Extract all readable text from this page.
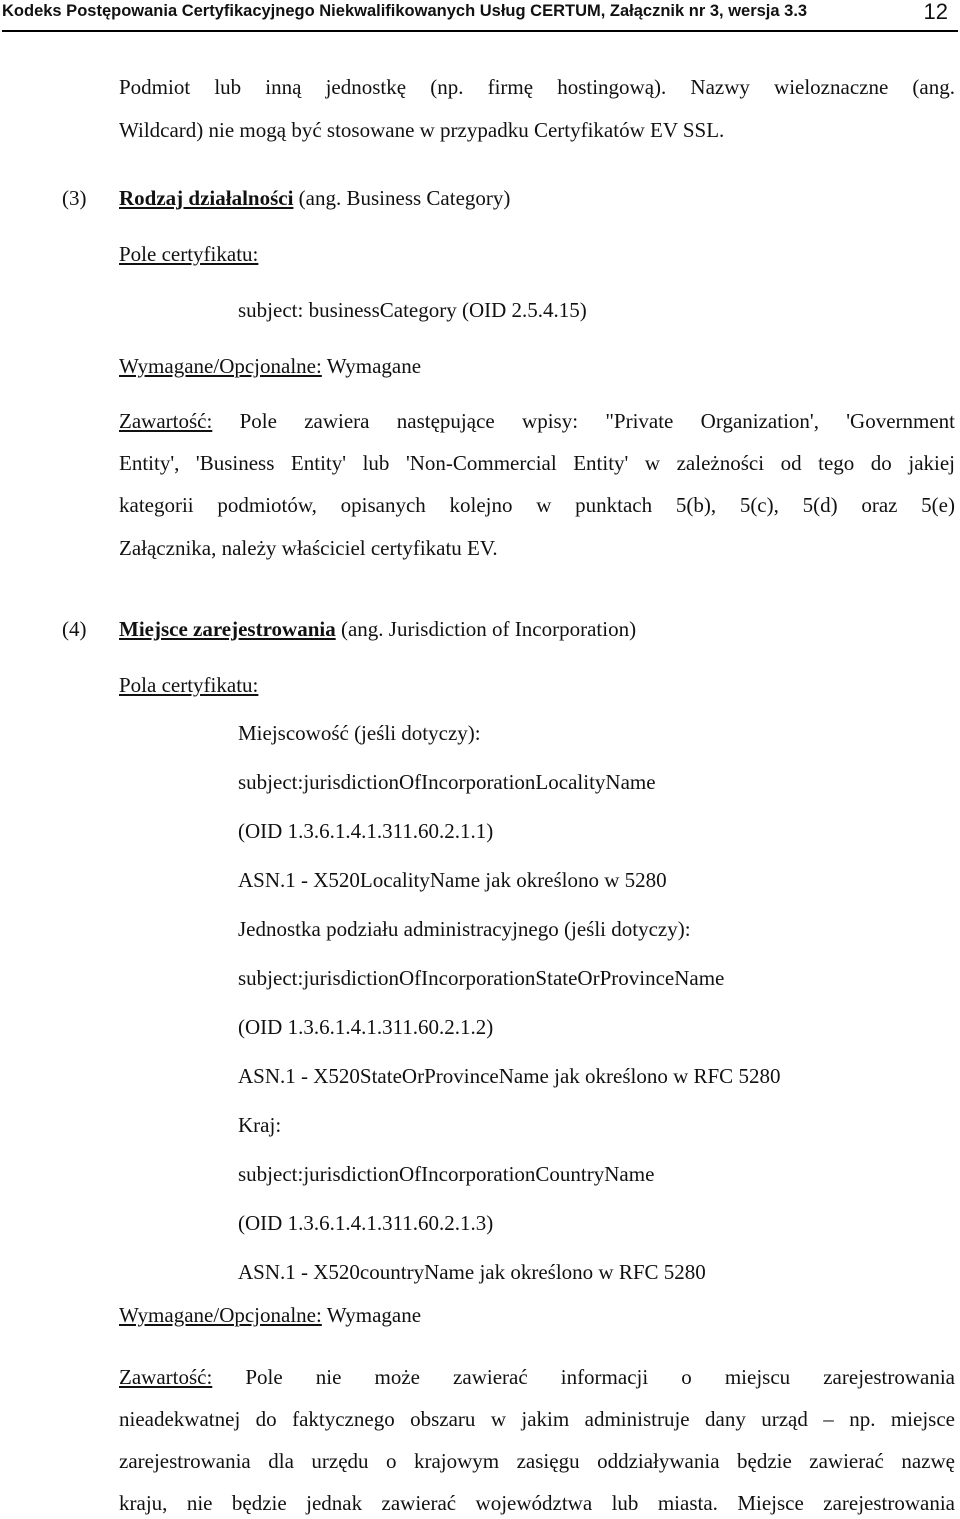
Kodeks Postępowania Certyfikacyjnego Niekwalifikowanych Usług CERTUM, Załącznik nr 3, wersja 3.3	12
Podmiot lub inną jednostkę (np. firmę hostingową). Nazwy wieloznaczne (ang.
Wildcard) nie mogą być stosowane w przypadku Certyfikatów EV SSL.
(3) Rodzaj działalności (ang. Business Category)
Pole certyfikatu:
subject: businessCategory (OID 2.5.4.15)
Wymagane/Opcjonalne: Wymagane
Zawartość: Pole zawiera następujące wpisy: "Private Organization', 'Government
Entity', 'Business Entity' lub 'Non-Commercial Entity' w zależności od tego do jakiej
kategorii podmiotów, opisanych kolejno w punktach 5(b), 5(c), 5(d) oraz 5(e)
Załącznika, należy właściciel certyfikatu EV.
(4) Miejsce zarejestrowania (ang. Jurisdiction of Incorporation)
Pola certyfikatu:
Miejscowość (jeśli dotyczy):
subject:jurisdictionOfIncorporationLocalityName
(OID 1.3.6.1.4.1.311.60.2.1.1)
ASN.1 - X520LocalityName jak określono w 5280
Jednostka podziału administracyjnego (jeśli dotyczy):
subject:jurisdictionOfIncorporationStateOrProvinceName
(OID 1.3.6.1.4.1.311.60.2.1.2)
ASN.1 - X520StateOrProvinceName jak określono w RFC 5280
Kraj:
subject:jurisdictionOfIncorporationCountryName
(OID 1.3.6.1.4.1.311.60.2.1.3)
ASN.1 - X520countryName jak określono w RFC 5280
Wymagane/Opcjonalne: Wymagane
Zawartość: Pole nie może zawierać informacji o miejscu zarejestrowania
nieadekwatnej do faktycznego obszaru w jakim administruje dany urząd – np. miejsce
zarejestrowania dla urzędu o krajowym zasięgu oddziaływania będzie zawierać nazwę
kraju, nie będzie jednak zawierać województwa lub miasta. Miejsce zarejestrowania
